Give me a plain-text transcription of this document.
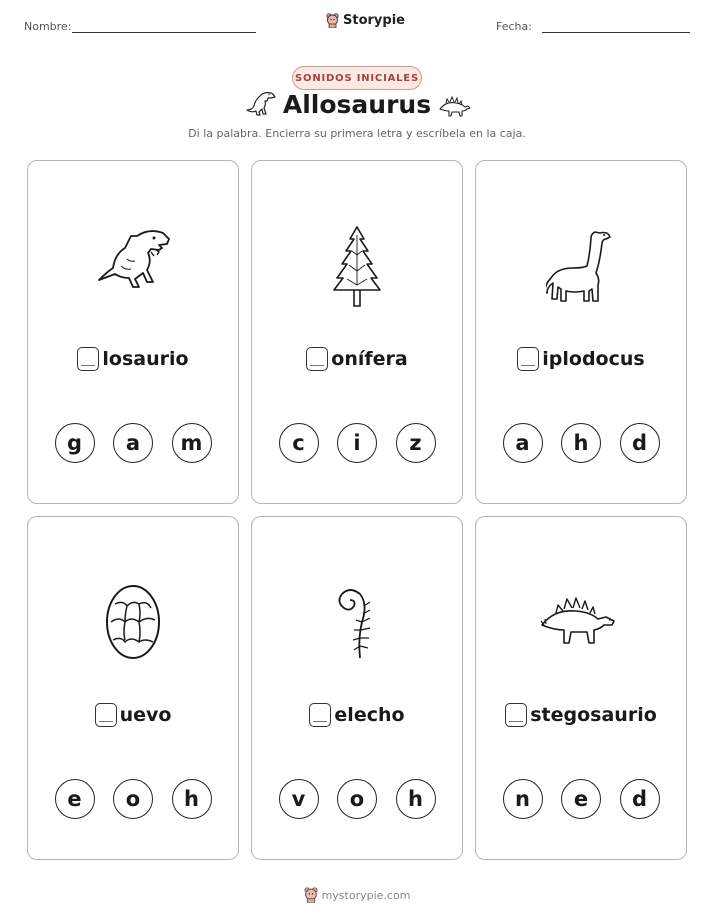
Nombre:	Storypie	Fecha:
SONIDOS INICIALES
Allosaurus
Di la palabra. Encierra su primera letra y escríbela en la caja.
losaurio
g	a	m
onífera
c	i	z
iplodocus
a	h	d
uevo
e	o	h
elecho
v	o	h
stegosaurio
n	e	d
mystorypie.com
